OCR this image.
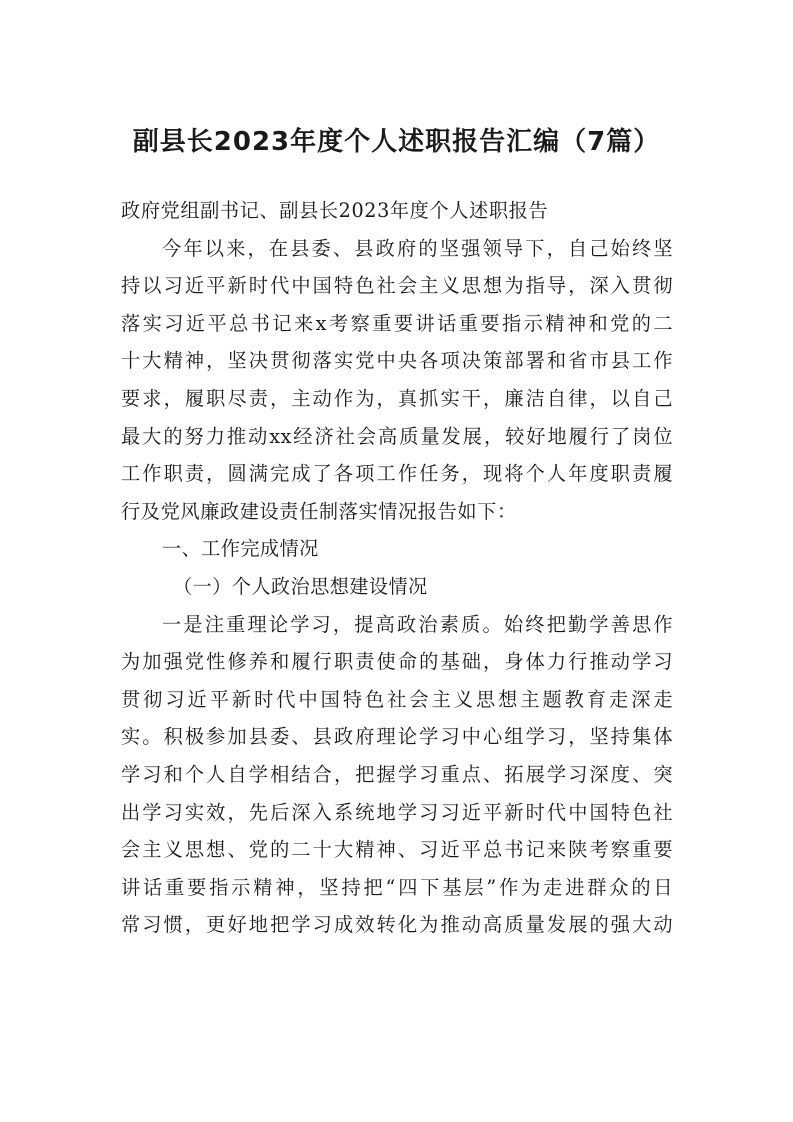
副县长2023年度个人述职报告汇编（7篇）
政府党组副书记、副县长2023年度个人述职报告
今年以来，在县委、县政府的坚强领导下，自己始终坚
持以习近平新时代中国特色社会主义思想为指导，深入贯彻
落实习近平总书记来x考察重要讲话重要指示精神和党的二
十大精神，坚决贯彻落实党中央各项决策部署和省市县工作
要求，履职尽责，主动作为，真抓实干，廉洁自律，以自己
最大的努力推动xx经济社会高质量发展，较好地履行了岗位
工作职责，圆满完成了各项工作任务，现将个人年度职责履
行及党风廉政建设责任制落实情况报告如下：
一、工作完成情况
（一）个人政治思想建设情况
一是注重理论学习，提高政治素质。始终把勤学善思作
为加强党性修养和履行职责使命的基础，身体力行推动学习
贯彻习近平新时代中国特色社会主义思想主题教育走深走
实。积极参加县委、县政府理论学习中心组学习，坚持集体
学习和个人自学相结合，把握学习重点、拓展学习深度、突
出学习实效，先后深入系统地学习习近平新时代中国特色社
会主义思想、党的二十大精神、习近平总书记来陕考察重要
讲话重要指示精神，坚持把“四下基层”作为走进群众的日
常习惯，更好地把学习成效转化为推动高质量发展的强大动
